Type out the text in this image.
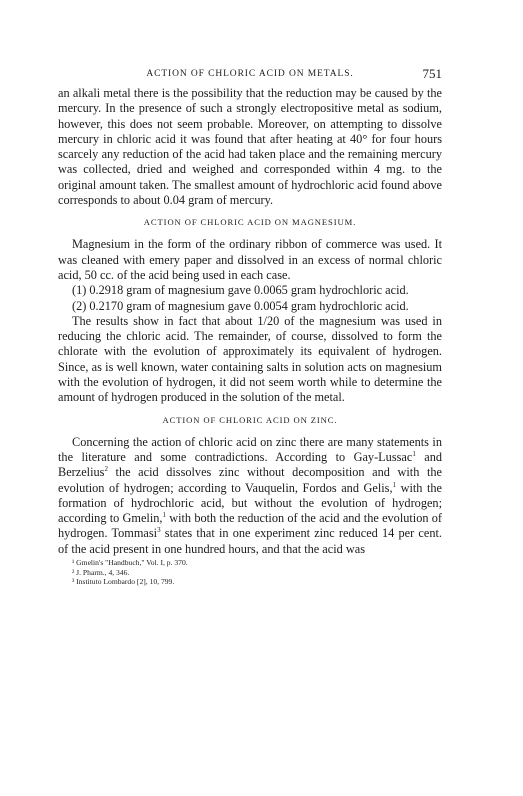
ACTION OF CHLORIC ACID ON METALS.	751

an alkali metal there is the possibility that the reduction may be caused by the mercury. In the presence of such a strongly electropositive metal as sodium, however, this does not seem probable. Moreover, on attempting to dissolve mercury in chloric acid it was found that after heating at 40° for four hours scarcely any reduction of the acid had taken place and the remaining mercury was collected, dried and weighed and corresponded within 4 mg. to the original amount taken. The smallest amount of hydrochloric acid found above corresponds to about 0.04 gram of mercury.

ACTION OF CHLORIC ACID ON MAGNESIUM.

Magnesium in the form of the ordinary ribbon of commerce was used. It was cleaned with emery paper and dissolved in an excess of normal chloric acid, 50 cc. of the acid being used in each case.

(1) 0.2918 gram of magnesium gave 0.0065 gram hydrochloric acid.

(2) 0.2170 gram of magnesium gave 0.0054 gram hydrochloric acid.

The results show in fact that about 1/20 of the magnesium was used in reducing the chloric acid. The remainder, of course, dissolved to form the chlorate with the evolution of approximately its equivalent of hydrogen. Since, as is well known, water containing salts in solution acts on magnesium with the evolution of hydrogen, it did not seem worth while to determine the amount of hydrogen produced in the solution of the metal.

ACTION OF CHLORIC ACID ON ZINC.

Concerning the action of chloric acid on zinc there are many statements in the literature and some contradictions. According to Gay-Lussac$^1$ and Berzelius$^2$ the acid dissolves zinc without decomposition and with the evolution of hydrogen; according to Vauquelin, Fordos and Gelis,$^1$ with the formation of hydrochloric acid, but without the evolution of hydrogen; according to Gmelin,$^1$ with both the reduction of the acid and the evolution of hydrogen. Tommasi$^3$ states that in one experiment zinc reduced 14 per cent. of the acid present in one hundred hours, and that the acid was

¹ Gmelin's "Handbuch," Vol. I, p. 370.
² J. Pharm., 4, 346.
³ Instituto Lombardo [2], 10, 799.
